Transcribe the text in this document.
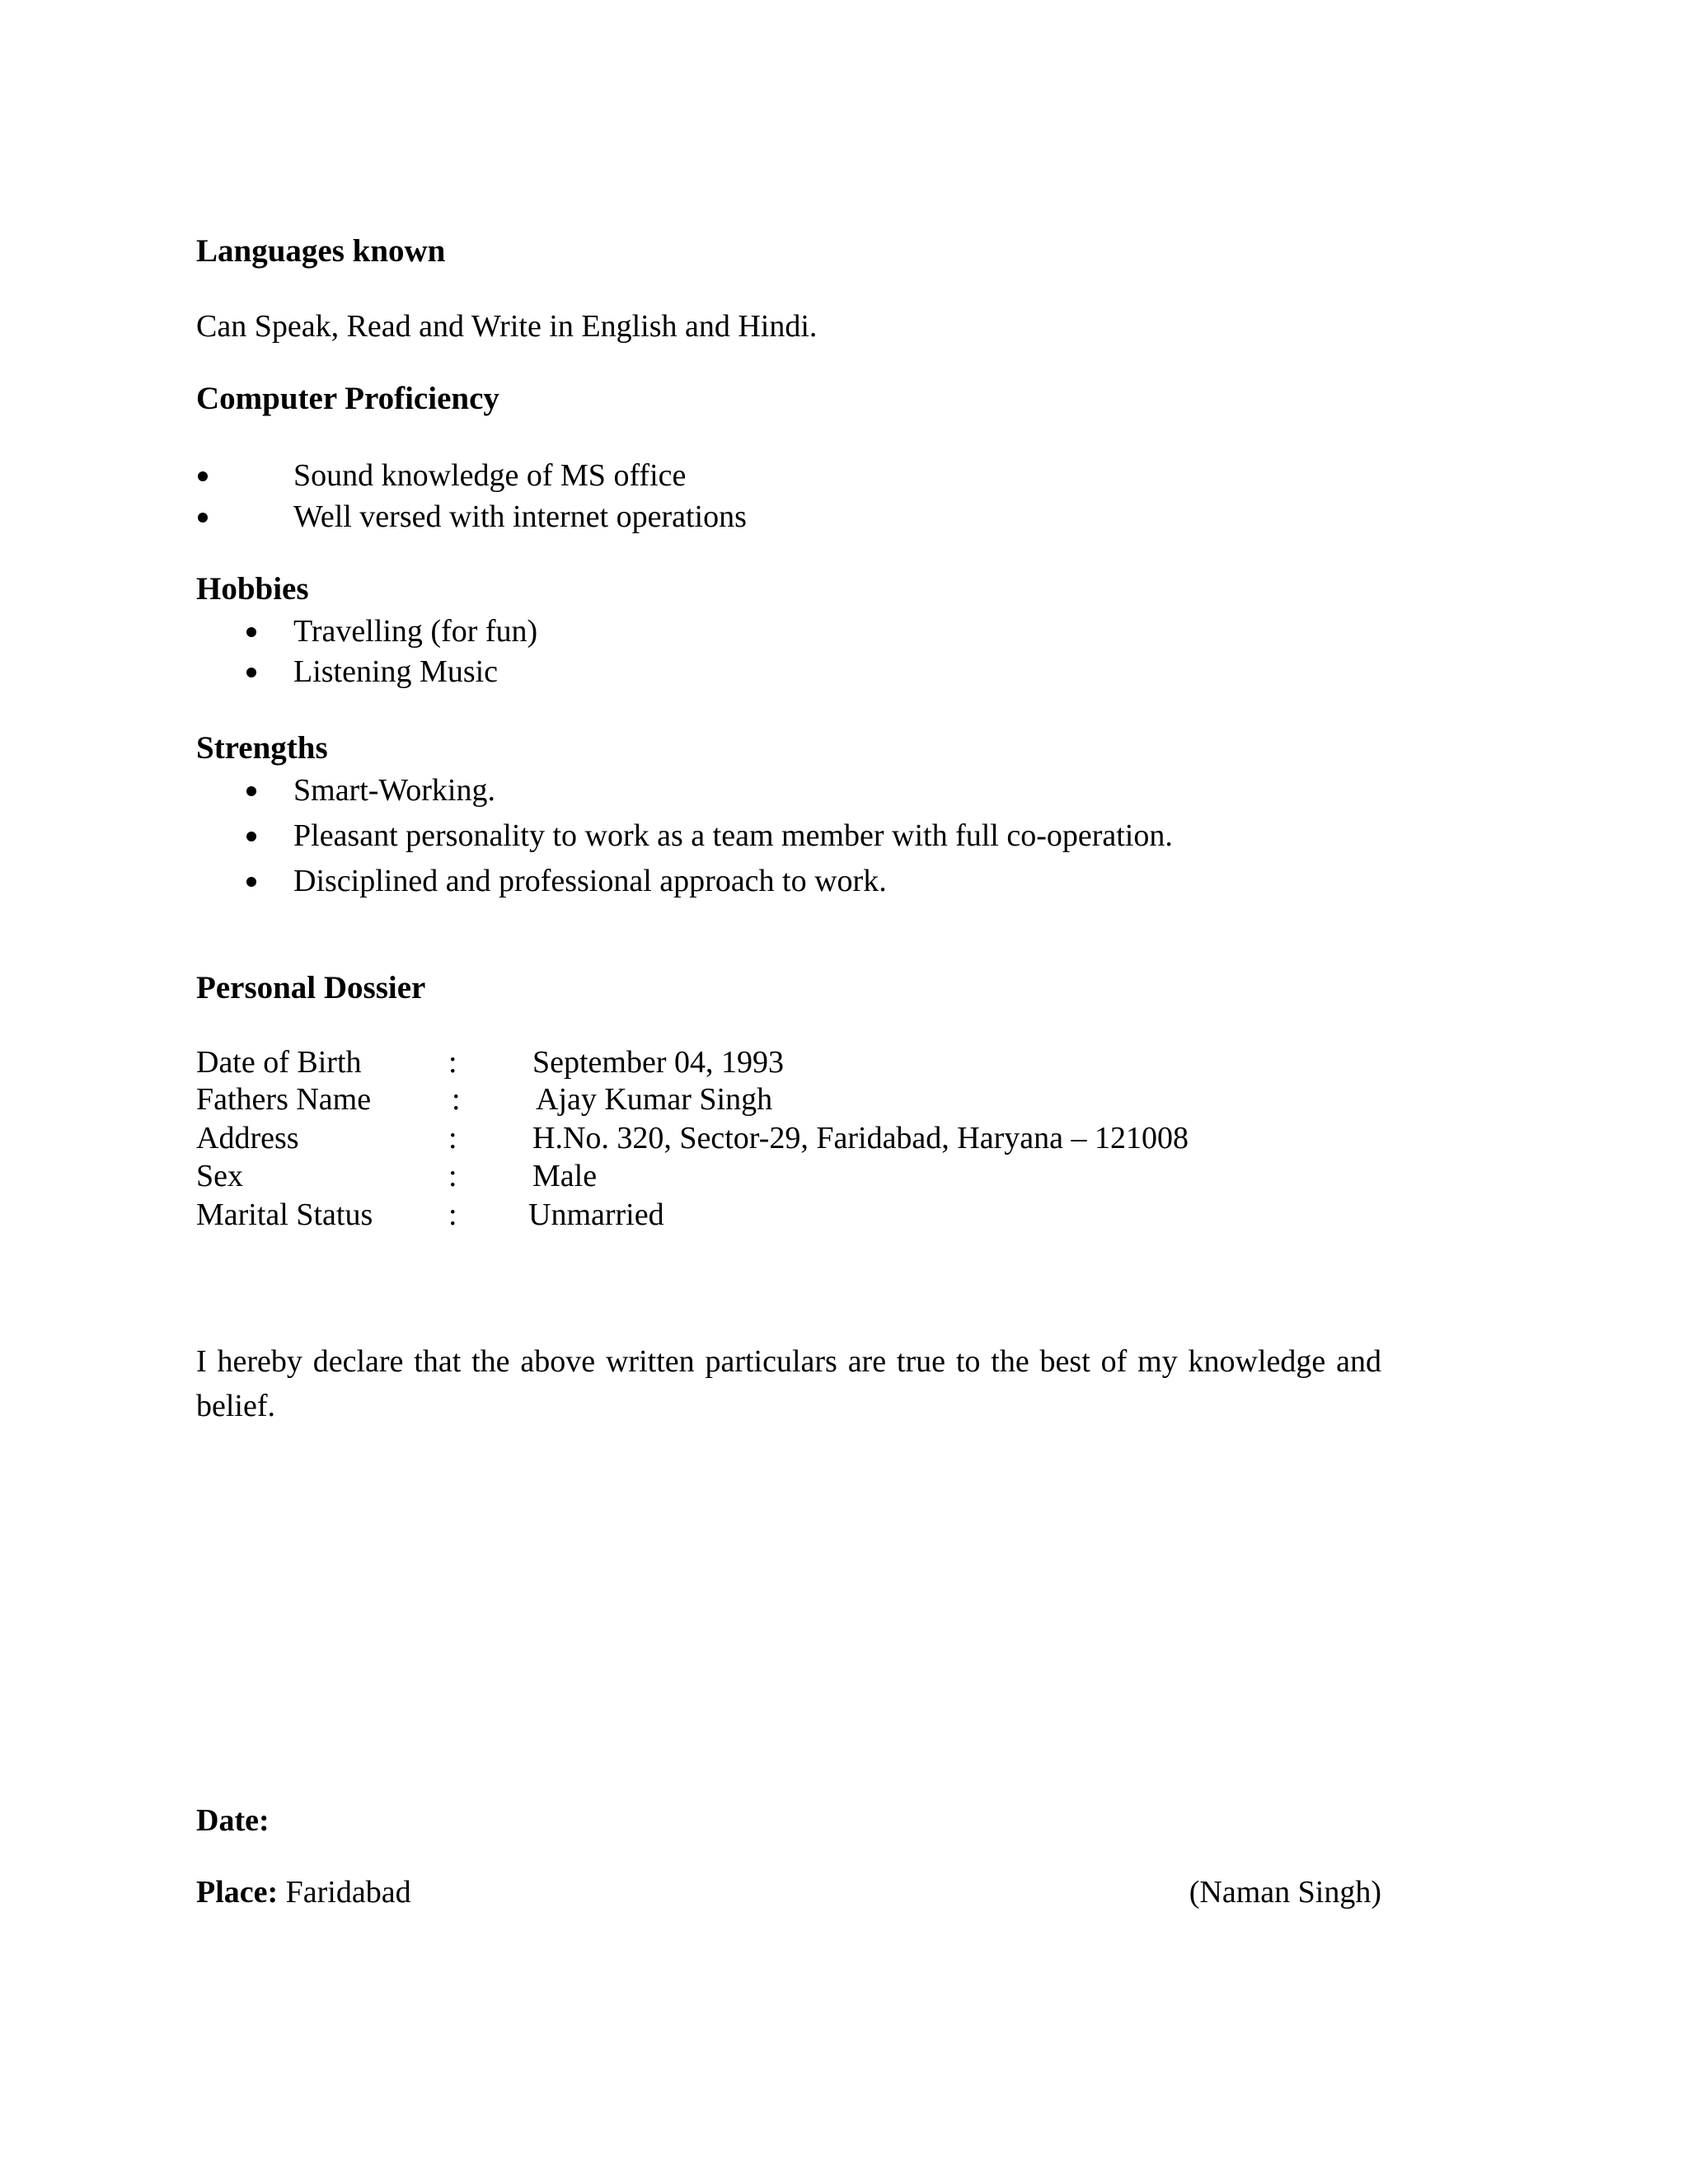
Languages known
Can Speak, Read and Write in English and Hindi.
Computer Proficiency
Sound knowledge of MS office
Well versed with internet operations
Hobbies
Travelling (for fun)
Listening Music
Strengths
Smart-Working.
Pleasant personality to work as a team member with full co-operation.
Disciplined and professional approach to work.
Personal Dossier
Date of Birth	: September 04, 1993
Fathers Name	: Ajay Kumar Singh
Address	: H.No. 320, Sector-29, Faridabad, Haryana – 121008
Sex	: Male
Marital Status : Unmarried
I hereby declare that the above written particulars are true to the best of my knowledge and belief.
Date:
Place: Faridabad	(Naman Singh)
